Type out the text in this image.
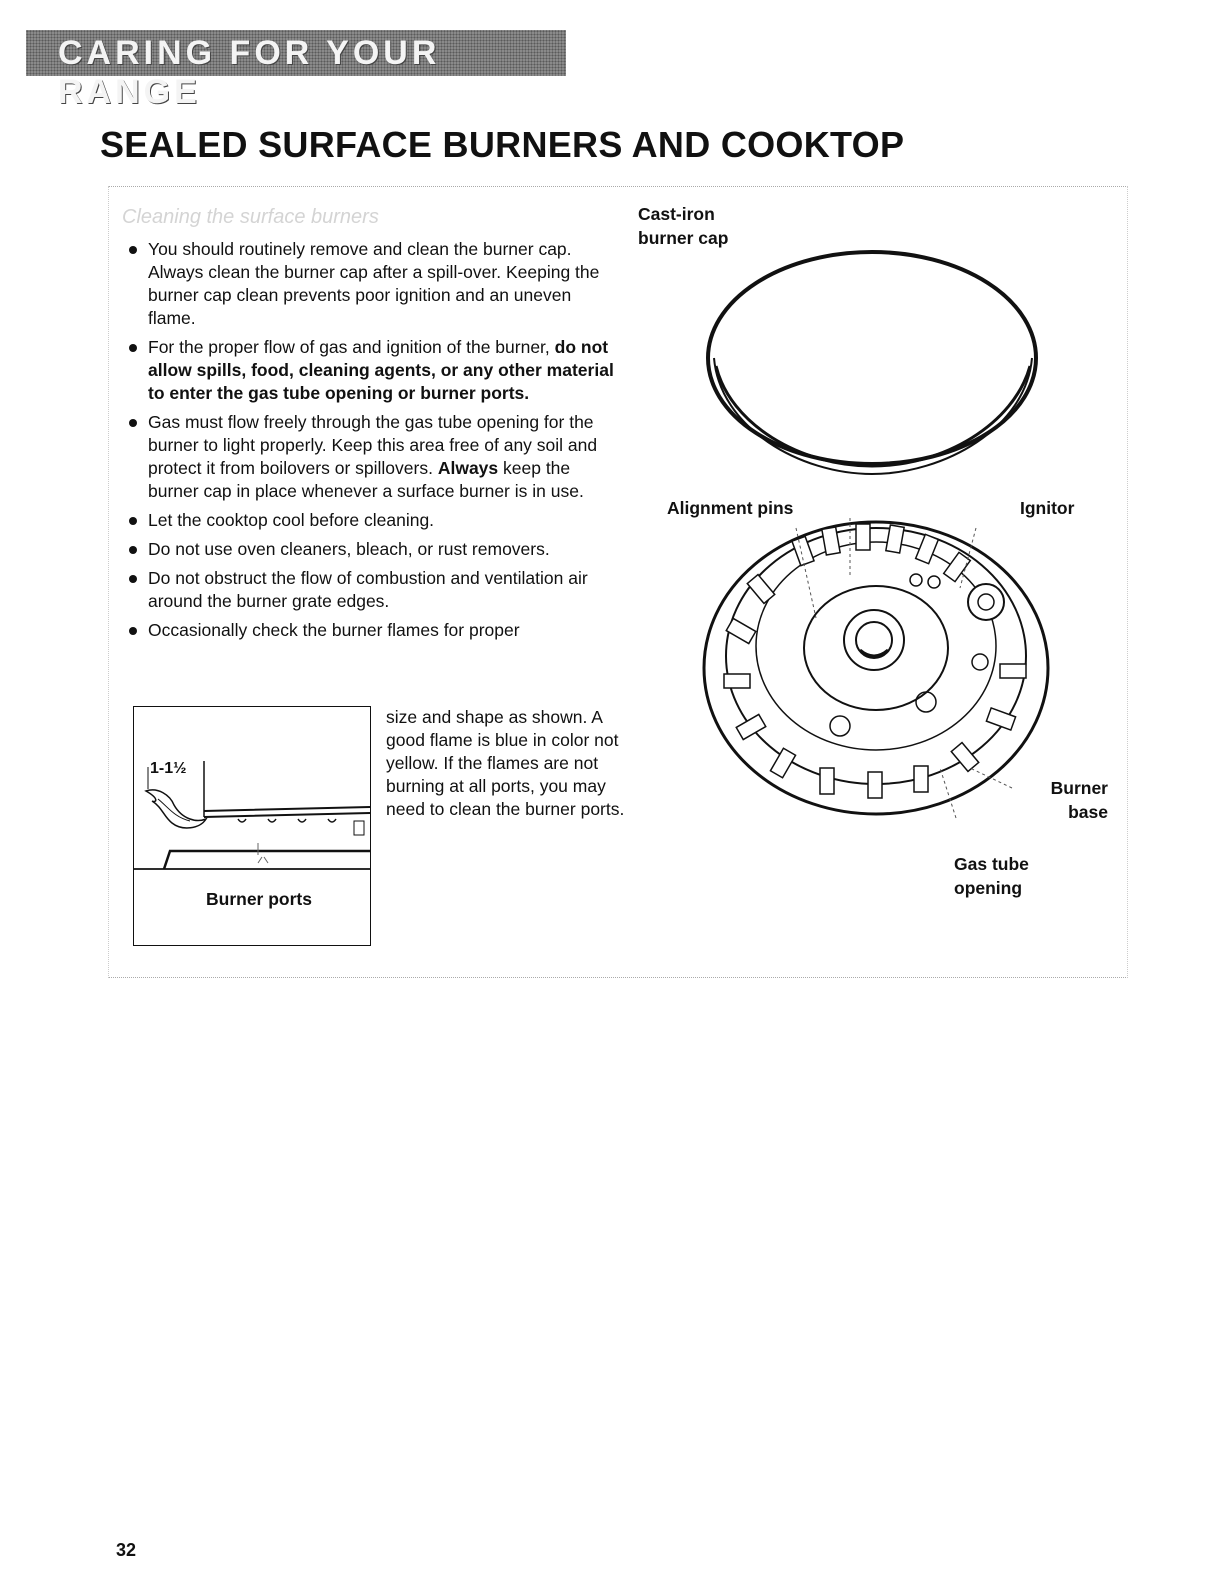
CARING FOR YOUR RANGE
SEALED SURFACE BURNERS AND COOKTOP
Cleaning the surface burners
You should routinely remove and clean the burner cap. Always clean the burner cap after a spill-over. Keeping the burner cap clean prevents poor ignition and an uneven flame.
For the proper flow of gas and ignition of the burner, do not allow spills, food, cleaning agents, or any other material to enter the gas tube opening or burner ports.
Gas must flow freely through the gas tube opening for the burner to light properly. Keep this area free of any soil and protect it from boilovers or spillovers. Always keep the burner cap in place whenever a surface burner is in use.
Let the cooktop cool before cleaning.
Do not use oven cleaners, bleach, or rust removers.
Do not obstruct the flow of combustion and ventilation air around the burner grate edges.
Occasionally check the burner flames for proper
size and shape as shown. A good flame is blue in color not yellow. If the flames are not burning at all ports, you may need to clean the burner ports.
1-1½
Burner ports
Cast-iron
burner cap
Alignment pins	Ignitor
Burner
base
Gas tube
opening
32
